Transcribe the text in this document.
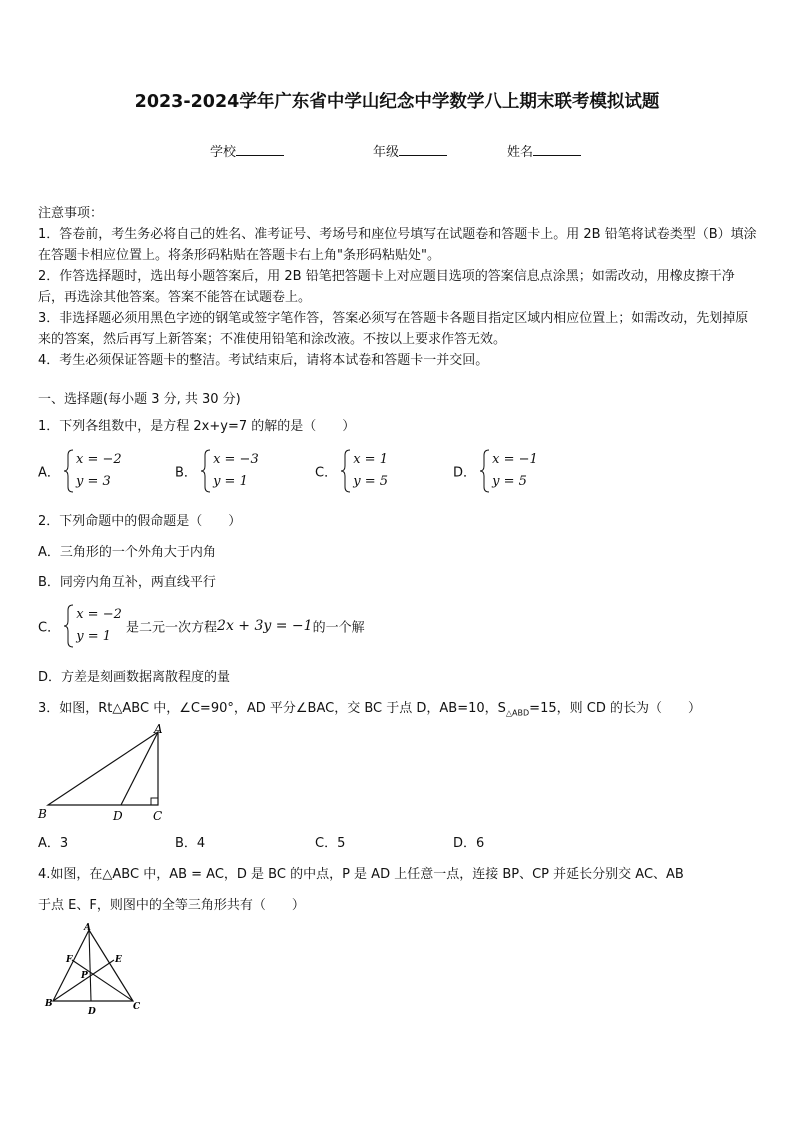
2023-2024学年广东省中学山纪念中学数学八上期末联考模拟试题
学校	年级	姓名

注意事项：

1．答卷前，考生务必将自己的姓名、准考证号、考场号和座位号填写在试题卷和答题卡上。用 2B 铅笔将试卷类型（B）填涂在答题卡相应位置上。将条形码粘贴在答题卡右上角"条形码粘贴处"。

2．作答选择题时，选出每小题答案后，用 2B 铅笔把答题卡上对应题目选项的答案信息点涂黑；如需改动，用橡皮擦干净后，再选涂其他答案。答案不能答在试题卷上。

3．非选择题必须用黑色字迹的钢笔或签字笔作答，答案必须写在答题卡各题目指定区域内相应位置上；如需改动，先划掉原来的答案，然后再写上新答案；不准使用铅笔和涂改液。不按以上要求作答无效。

4．考生必须保证答题卡的整洁。考试结束后，请将本试卷和答题卡一并交回。

一、选择题(每小题 3 分, 共 30 分)
1．下列各组数中，是方程 2x+y=7 的解的是（　　）
A．
x = −2
y = 3
B．
x = −3
y = 1
C．
x = 1
y = 5
D．
x = −1
y = 5
2．下列命题中的假命题是（　　）
A．三角形的一个外角大于内角
B．同旁内角互补，两直线平行
C．
x = −2
y = 1
是二元一次方程2x + 3y = −1的一个解
D．方差是刻画数据离散程度的量
3．如图，Rt△ABC 中，∠C=90°，AD 平分∠BAC，交 BC 于点 D，AB=10，$S_{\triangle ABD}=15$，则 CD 的长为（　　）
A
B	D	C
A．3	B．4	C．5	D．6
4.如图，在△ABC 中，AB = AC，D 是 BC 的中点，P 是 AD 上任意一点，连接 BP、CP 并延长分别交 AC、AB
于点 E、F，则图中的全等三角形共有（　　）
A
F	E
P
B
D	C
